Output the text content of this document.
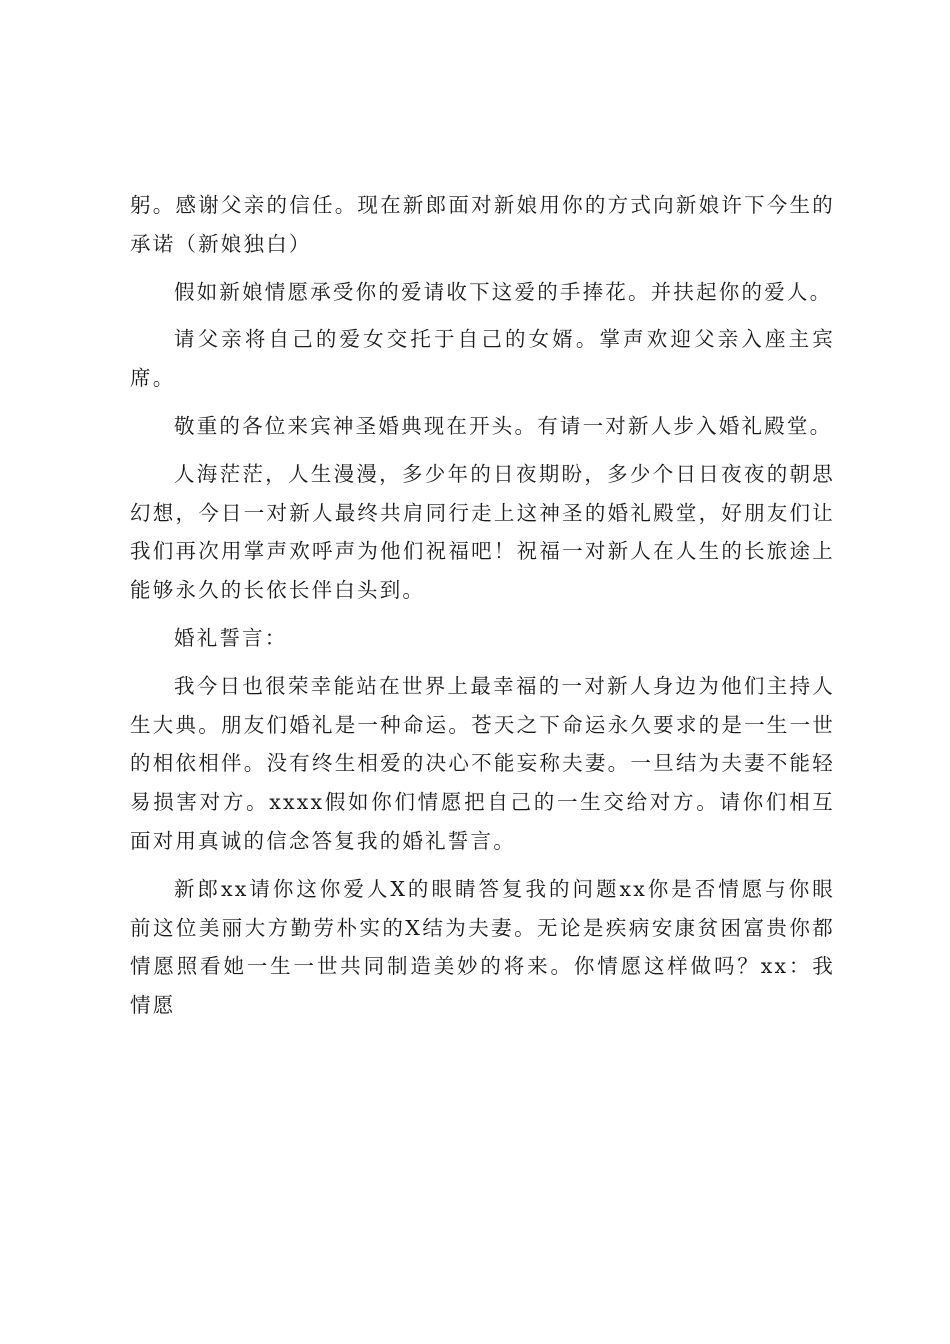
躬。感谢父亲的信任。现在新郎面对新娘用你的方式向新娘许下今生的承诺（新娘独白）

假如新娘情愿承受你的爱请收下这爱的手捧花。并扶起你的爱人。

请父亲将自己的爱女交托于自己的女婿。掌声欢迎父亲入座主宾席。

敬重的各位来宾神圣婚典现在开头。有请一对新人步入婚礼殿堂。

人海茫茫，人生漫漫，多少年的日夜期盼，多少个日日夜夜的朝思幻想，今日一对新人最终共肩同行走上这神圣的婚礼殿堂，好朋友们让我们再次用掌声欢呼声为他们祝福吧！祝福一对新人在人生的长旅途上能够永久的长依长伴白头到。

婚礼誓言：

我今日也很荣幸能站在世界上最幸福的一对新人身边为他们主持人生大典。朋友们婚礼是一种命运。苍天之下命运永久要求的是一生一世的相依相伴。没有终生相爱的决心不能妄称夫妻。一旦结为夫妻不能轻易损害对方。xxxx假如你们情愿把自己的一生交给对方。请你们相互面对用真诚的信念答复我的婚礼誓言。

新郎xx请你这你爱人X的眼睛答复我的问题xx你是否情愿与你眼前这位美丽大方勤劳朴实的X结为夫妻。无论是疾病安康贫困富贵你都情愿照看她一生一世共同制造美妙的将来。你情愿这样做吗？xx：我情愿
